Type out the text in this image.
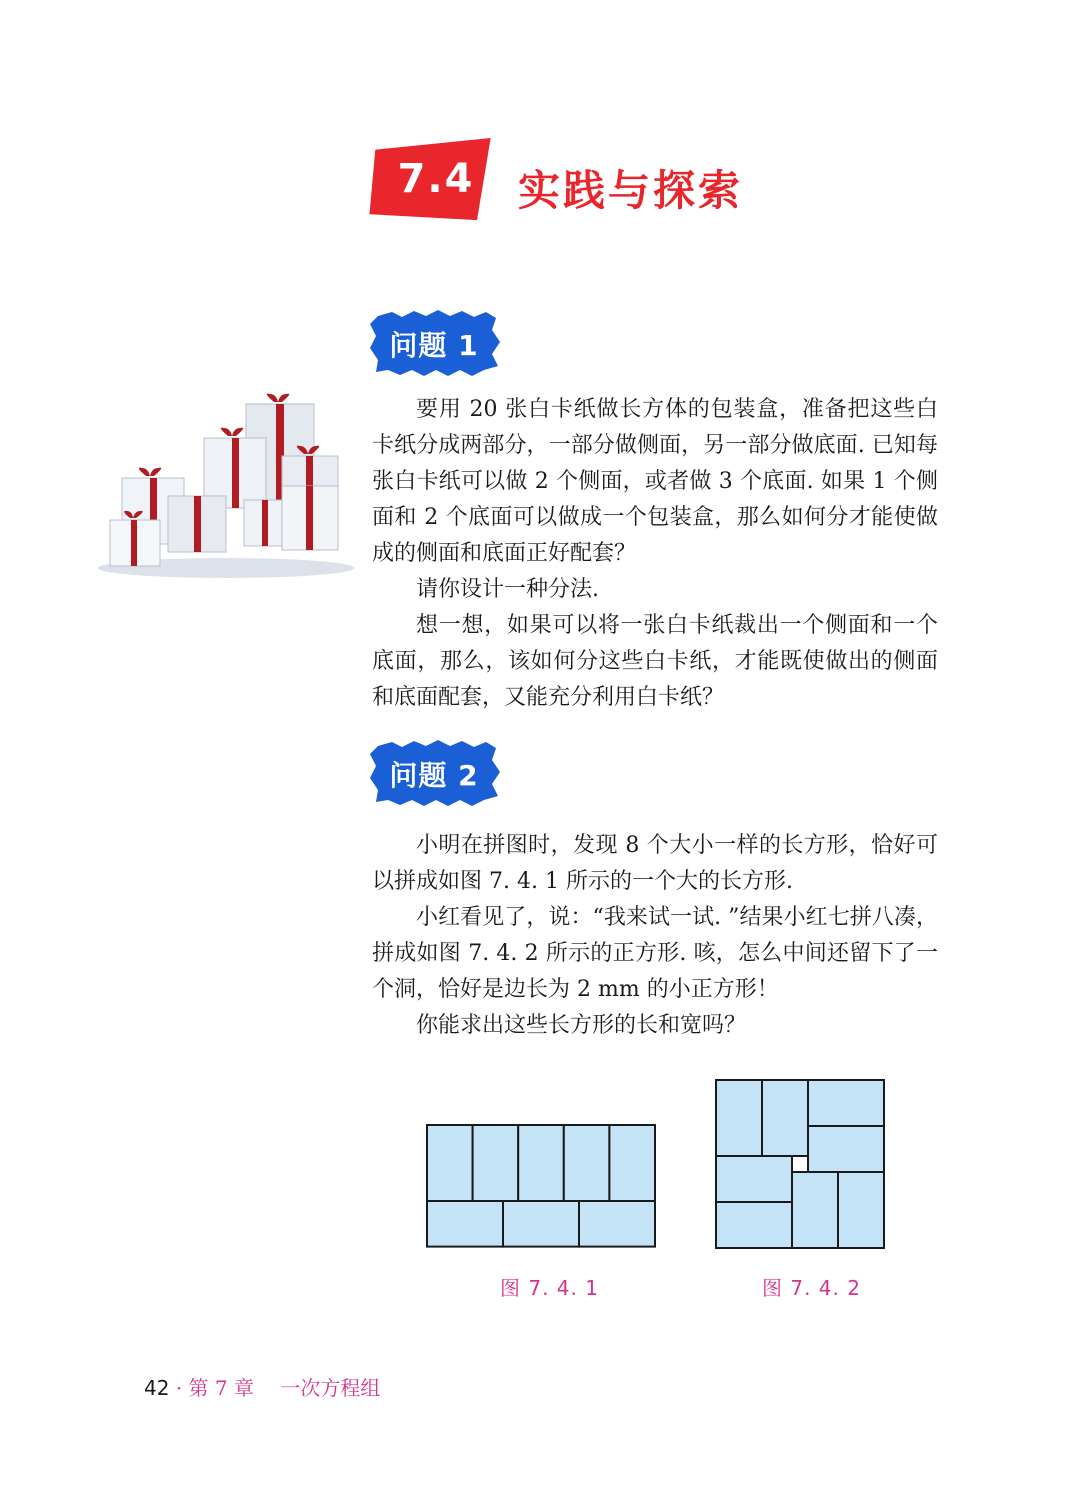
7.4 实践与探索
问题 1

要用 20 张白卡纸做长方体的包装盒，准备把这些白卡纸分成两部分，一部分做侧面，另一部分做底面. 已知每张白卡纸可以做 2 个侧面，或者做 3 个底面. 如果 1 个侧面和 2 个底面可以做成一个包装盒，那么如何分才能使做成的侧面和底面正好配套？

请你设计一种分法.

想一想，如果可以将一张白卡纸裁出一个侧面和一个底面，那么，该如何分这些白卡纸，才能既使做出的侧面和底面配套，又能充分利用白卡纸？

问题 2

小明在拼图时，发现 8 个大小一样的长方形，恰好可以拼成如图 7. 4. 1 所示的一个大的长方形.

小红看见了，说：“我来试一试. ”结果小红七拼八凑，拼成如图 7. 4. 2 所示的正方形. 咳，怎么中间还留下了一个洞，恰好是边长为 2 mm 的小正方形！

你能求出这些长方形的长和宽吗？

图 7. 4. 1	图 7. 4. 2
42 · 第 7 章　 一次方程组
